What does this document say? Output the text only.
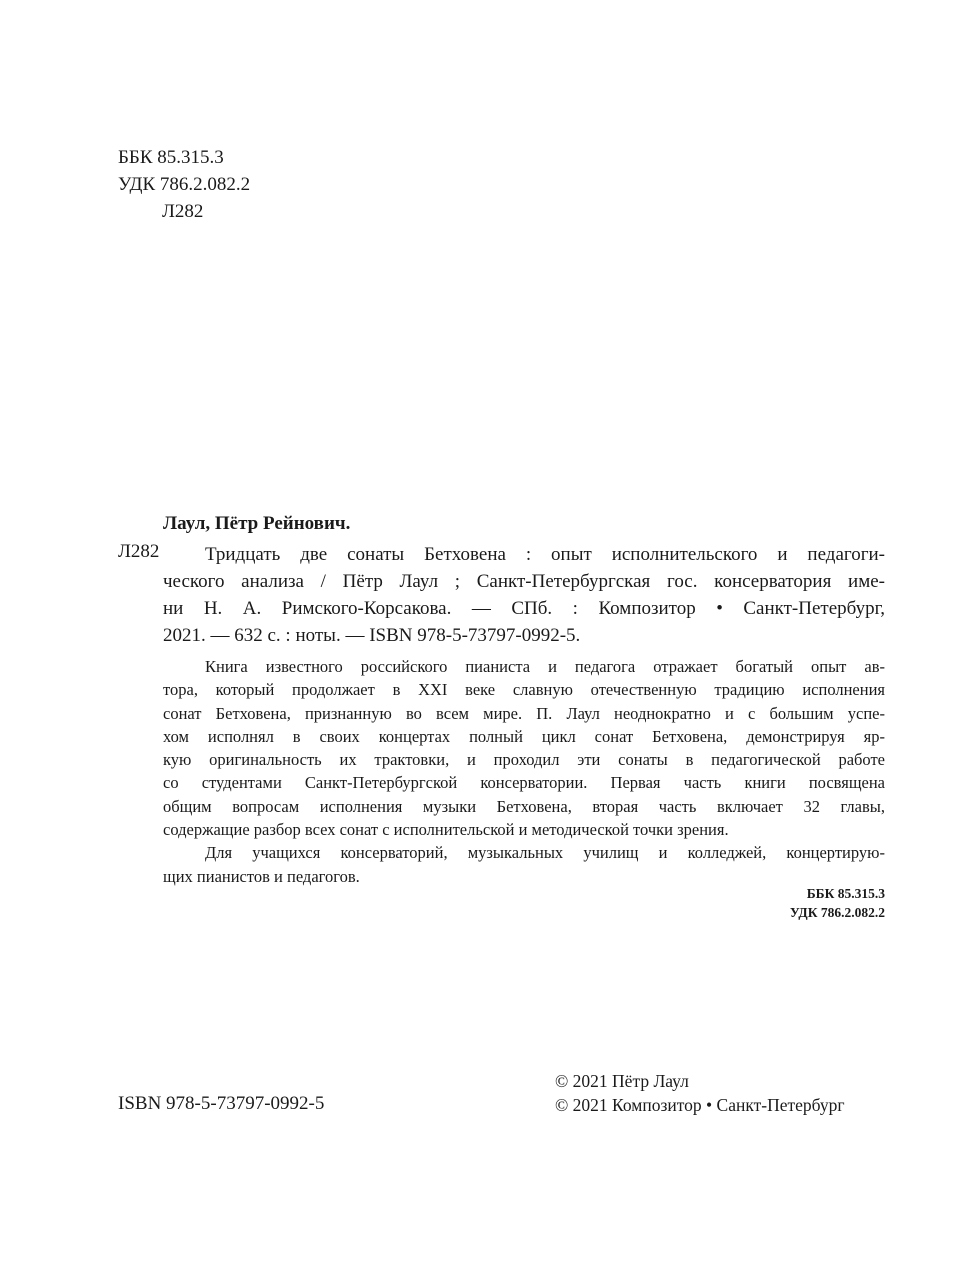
ББК 85.315.3
УДК 786.2.082.2
Л282
Лаул, Пётр Рейнович.
Л282	Тридцать две сонаты Бетховена : опыт исполнительского и педагоги-
ческого анализа / Пётр Лаул ; Санкт-Петербургская гос. консерватория име-
ни Н. А. Римского-Корсакова. — СПб. : Композитор • Санкт-Петербург,
2021. — 632 с. : ноты. — ISBN 978-5-73797-0992-5.
Книга известного российского пианиста и педагога отражает богатый опыт ав-
тора, который продолжает в XXI веке славную отечественную традицию исполнения
сонат Бетховена, признанную во всем мире. П. Лаул неоднократно и с большим успе-
хом исполнял в своих концертах полный цикл сонат Бетховена, демонстрируя яр-
кую оригинальность их трактовки, и проходил эти сонаты в педагогической работе
со студентами Санкт-Петербургской консерватории. Первая часть книги посвящена
общим вопросам исполнения музыки Бетховена, вторая часть включает 32 главы,
содержащие разбор всех сонат с исполнительской и методической точки зрения.
Для учащихся консерваторий, музыкальных училищ и колледжей, концертирую-
щих пианистов и педагогов.
ББК 85.315.3
УДК 786.2.082.2
ISBN 978-5-73797-0992-5
© 2021 Пётр Лаул
© 2021 Композитор • Санкт-Петербург
